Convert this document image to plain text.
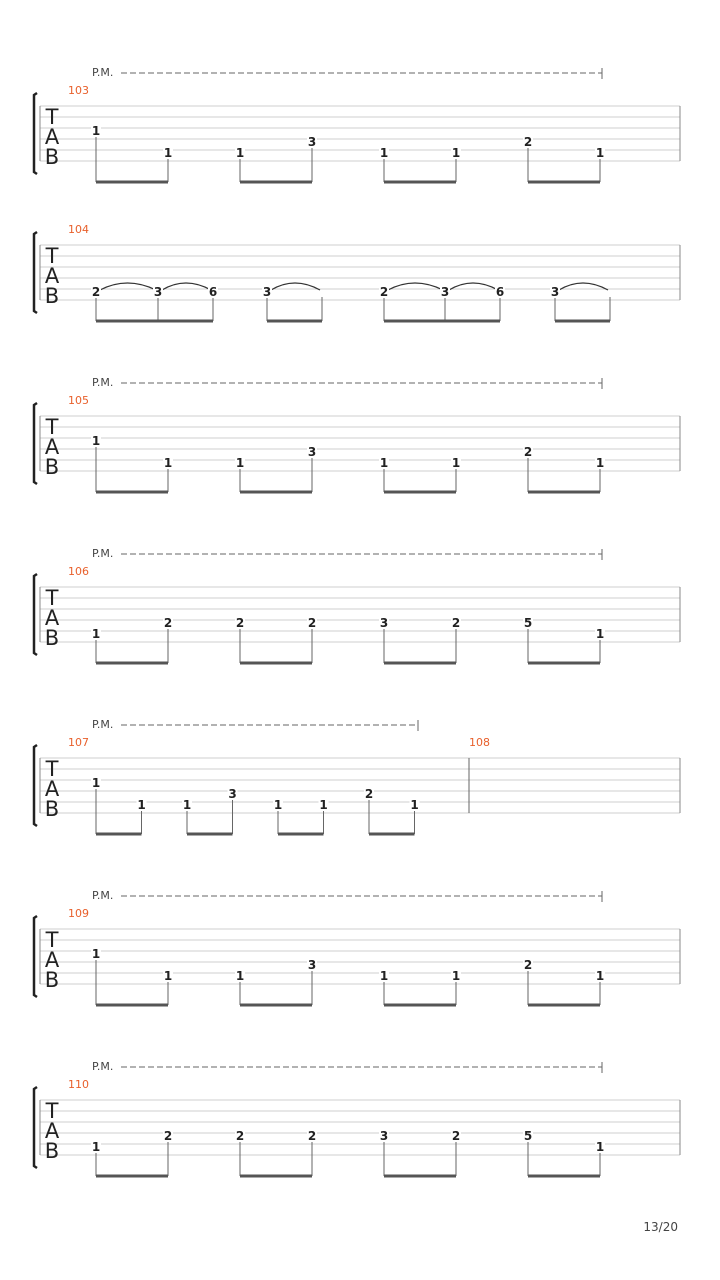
T
A
B
P.M.
103
1
1	1
3
1	1
2
1
T
A
B
104
2	3	6	3	2	3	6	3
T
A
B
P.M.
105
1
1	1
3
1	1
2
1
T
A
B
P.M.
106
1
2	2	2	3	2	5
1
T
A
B
P.M.
107
1
1	1
3
1	1
2
1
108
T
A
B
P.M.
109
1
1	1
3
1	1
2
1
T
A
B
P.M.
110
1
2	2	2	3	2	5
1
13/20
